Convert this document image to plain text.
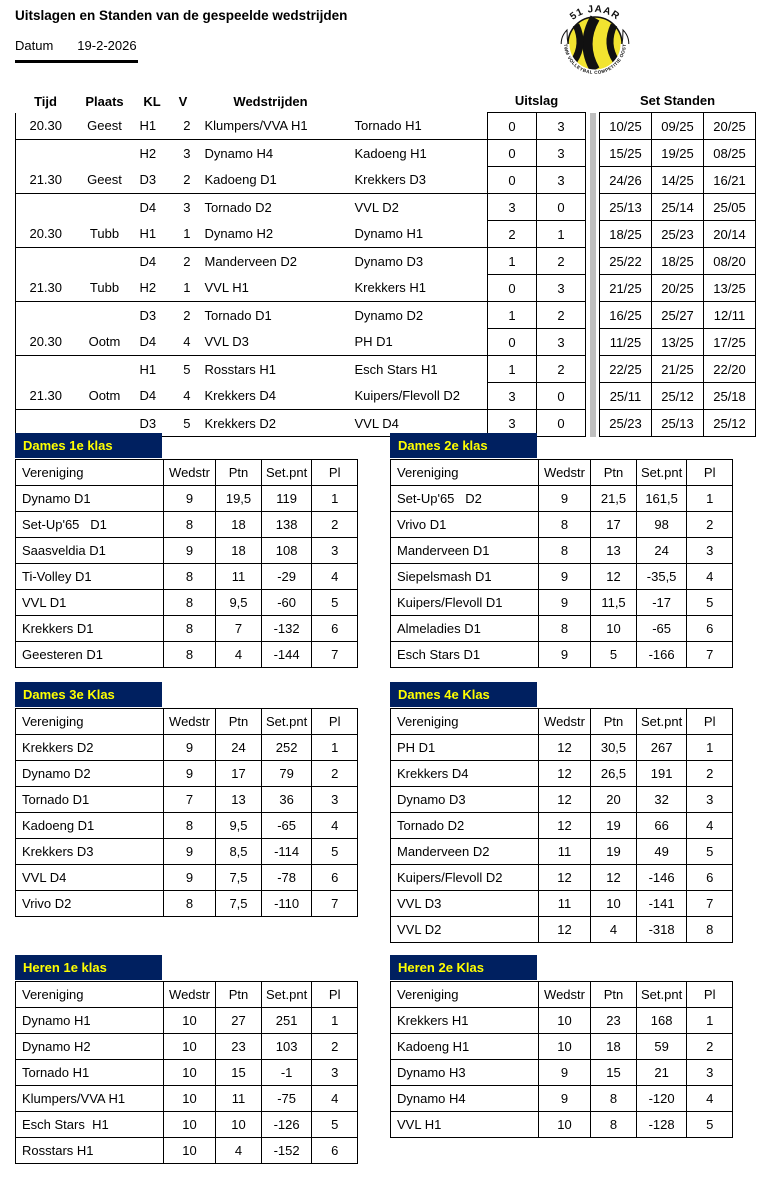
Uitslagen en Standen van de gespeelde wedstrijden
Datum 19-2-2026
51 JAAR
TWM VOLLEYBAL COMPETITIE OOST
Tijd	Plaats	KL	V	Wedstrijden		Uitslag			Set Standen		
20.30	Geest	H1	2	Klumpers/VVA H1	Tornado H1	0	3		10/25	09/25	20/25
		H2	3	Dynamo H4	Kadoeng H1	0	3		15/25	19/25	08/25
21.30	Geest	D3	2	Kadoeng D1	Krekkers D3	0	3		24/26	14/25	16/21
		D4	3	Tornado D2	VVL D2	3	0		25/13	25/14	25/05
20.30	Tubb	H1	1	Dynamo H2	Dynamo H1	2	1		18/25	25/23	20/14
		D4	2	Manderveen D2	Dynamo D3	1	2		25/22	18/25	08/20
21.30	Tubb	H2	1	VVL H1	Krekkers H1	0	3		21/25	20/25	13/25
		D3	2	Tornado D1	Dynamo D2	1	2		16/25	25/27	12/11
20.30	Ootm	D4	4	VVL D3	PH D1	0	3		11/25	13/25	17/25
		H1	5	Rosstars H1	Esch Stars H1	1	2		22/25	21/25	22/20
21.30	Ootm	D4	4	Krekkers D4	Kuipers/Flevoll D2	3	0		25/11	25/12	25/18
		D3	5	Krekkers D2	VVL D4	3	0		25/23	25/13	25/12
Dames 1e klas
Vereniging	Wedstr	Ptn	Set.pnt	Pl
Dynamo D1	9	19,5	119	1
Set-Up'65   D1	8	18	138	2
Saasveldia D1	9	18	108	3
Ti-Volley D1	8	11	-29	4
VVL D1	8	9,5	-60	5
Krekkers D1	8	7	-132	6
Geesteren D1	8	4	-144	7
Dames 2e klas
Vereniging	Wedstr	Ptn	Set.pnt	Pl
Set-Up'65   D2	9	21,5	161,5	1
Vrivo D1	8	17	98	2
Manderveen D1	8	13	24	3
Siepelsmash D1	9	12	-35,5	4
Kuipers/Flevoll D1	9	11,5	-17	5
Almeladies D1	8	10	-65	6
Esch Stars D1	9	5	-166	7
Dames 3e Klas
Vereniging	Wedstr	Ptn	Set.pnt	Pl
Krekkers D2	9	24	252	1
Dynamo D2	9	17	79	2
Tornado D1	7	13	36	3
Kadoeng D1	8	9,5	-65	4
Krekkers D3	9	8,5	-114	5
VVL D4	9	7,5	-78	6
Vrivo D2	8	7,5	-110	7
Dames 4e Klas
Vereniging	Wedstr	Ptn	Set.pnt	Pl
PH D1	12	30,5	267	1
Krekkers D4	12	26,5	191	2
Dynamo D3	12	20	32	3
Tornado D2	12	19	66	4
Manderveen D2	11	19	49	5
Kuipers/Flevoll D2	12	12	-146	6
VVL D3	11	10	-141	7
VVL D2	12	4	-318	8
Heren 1e klas
Vereniging	Wedstr	Ptn	Set.pnt	Pl
Dynamo H1	10	27	251	1
Dynamo H2	10	23	103	2
Tornado H1	10	15	-1	3
Klumpers/VVA H1	10	11	-75	4
Esch Stars  H1	10	10	-126	5
Rosstars H1	10	4	-152	6
Heren 2e Klas
Vereniging	Wedstr	Ptn	Set.pnt	Pl
Krekkers H1	10	23	168	1
Kadoeng H1	10	18	59	2
Dynamo H3	9	15	21	3
Dynamo H4	9	8	-120	4
VVL H1	10	8	-128	5
